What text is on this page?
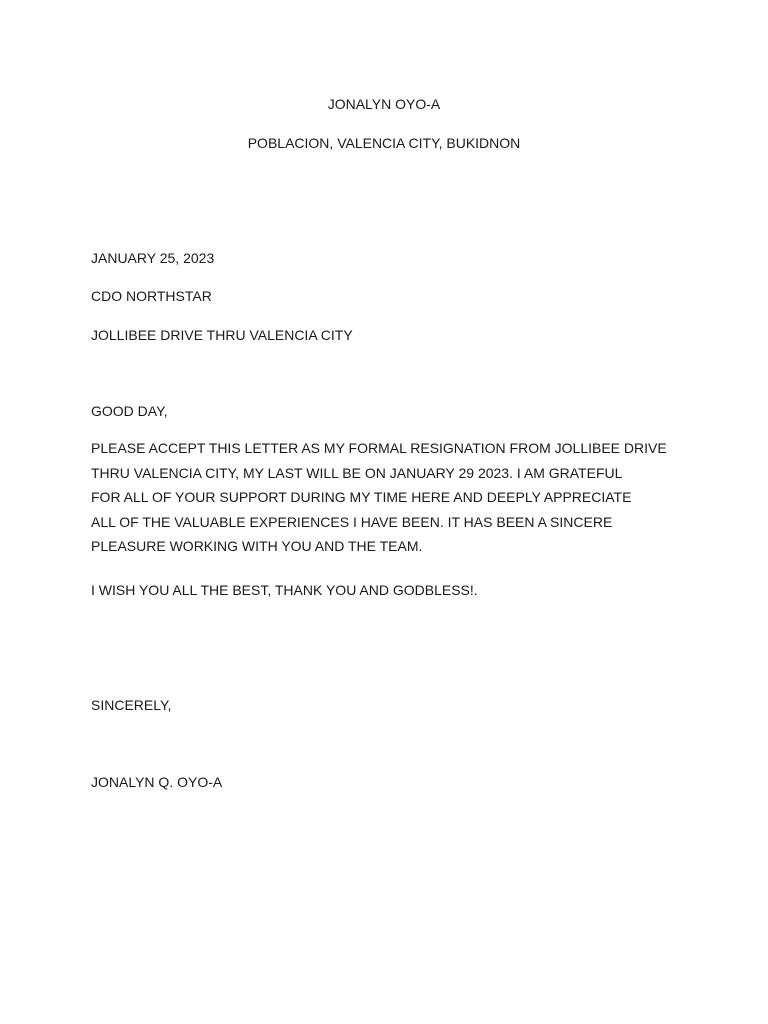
JONALYN OYO-A
POBLACION, VALENCIA CITY, BUKIDNON
JANUARY 25, 2023
CDO NORTHSTAR
JOLLIBEE DRIVE THRU VALENCIA CITY
GOOD DAY,
PLEASE ACCEPT THIS LETTER AS MY FORMAL RESIGNATION FROM JOLLIBEE DRIVE
THRU VALENCIA CITY, MY LAST WILL BE ON JANUARY 29 2023. I AM GRATEFUL
FOR ALL OF YOUR SUPPORT DURING MY TIME HERE AND DEEPLY APPRECIATE
ALL OF THE VALUABLE EXPERIENCES I HAVE BEEN. IT HAS BEEN A SINCERE
PLEASURE WORKING WITH YOU AND THE TEAM.
I WISH YOU ALL THE BEST, THANK YOU AND GODBLESS!.
SINCERELY,
JONALYN Q. OYO-A
